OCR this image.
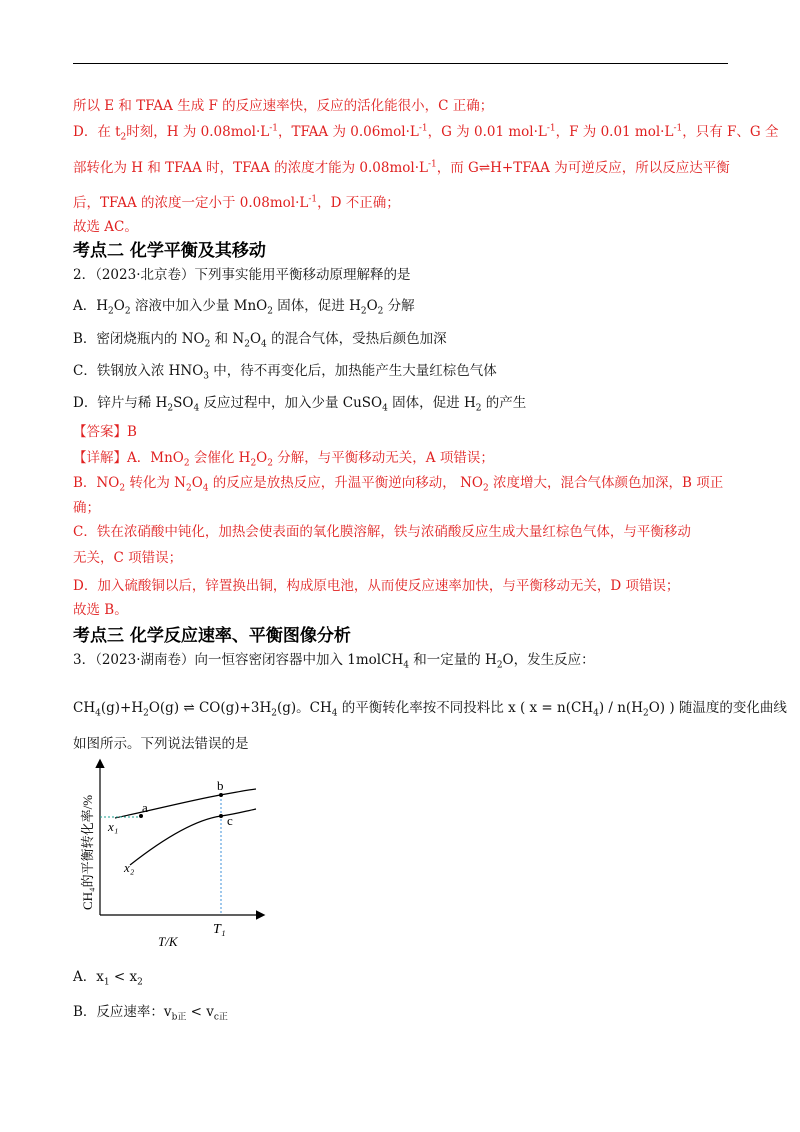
所以 E 和 TFAA 生成 F 的反应速率快，反应的活化能很小，C 正确；
D．在 $t_2$时刻，H 为 $0.08mol\cdot L^{-1}$，TFAA 为 $0.06mol\cdot L^{-1}$，G 为 0.01 $mol\cdot L^{-1}$，F 为 0.01 $mol\cdot L^{-1}$，只有 F、G 全
部转化为 H 和 TFAA 时，TFAA 的浓度才能为 $0.08mol\cdot L^{-1}$，而 G⇌H+TFAA 为可逆反应，所以反应达平衡
后，TFAA 的浓度一定小于 $0.08mol\cdot L^{-1}$，D 不正确；
故选 AC。
考点二 化学平衡及其移动
2．（2023·北京卷）下列事实能用平衡移动原理解释的是
A．$H_2O_2$ 溶液中加入少量 MnO$_2$ 固体，促进 $H_2O_2$ 分解
B．密闭烧瓶内的 $NO_2$ 和 $N_2O_4$ 的混合气体，受热后颜色加深
C．铁钢放入浓 $HNO_3$ 中，待不再变化后，加热能产生大量红棕色气体
D．锌片与稀 $H_2SO_4$ 反应过程中，加入少量 CuSO$_4$ 固体，促进 $H_2$ 的产生
【答案】B
【详解】A．MnO$_2$ 会催化 $H_2O_2$ 分解，与平衡移动无关，A 项错误；
B．$NO_2$ 转化为 $N_2O_4$ 的反应是放热反应，升温平衡逆向移动， $NO_2$ 浓度增大，混合气体颜色加深，B 项正
确；
C．铁在浓硝酸中钝化，加热会使表面的氧化膜溶解，铁与浓硝酸反应生成大量红棕色气体，与平衡移动
无关，C 项错误；
D．加入硫酸铜以后，锌置换出铜，构成原电池，从而使反应速率加快，与平衡移动无关，D 项错误；
故选 B。
考点三 化学反应速率、平衡图像分析
3．（2023·湖南卷）向一恒容密闭容器中加入 1molCH$_4$ 和一定量的 $H_2O$，发生反应：
$CH_4(g)+H_2O(g)$ ⇌ $CO(g)+3H_2(g)$。$CH_4$ 的平衡转化率按不同投料比 x ( $x = n(CH_4) / n(H_2O)$ ) 随温度的变化曲线
如图所示。下列说法错误的是
a
b
c
x₁
x₂
T₁
T/K
CH₄的平衡转化率/%
A．$x_1 < x_2$
B．反应速率：$v_{b正} < v_{c正}$
